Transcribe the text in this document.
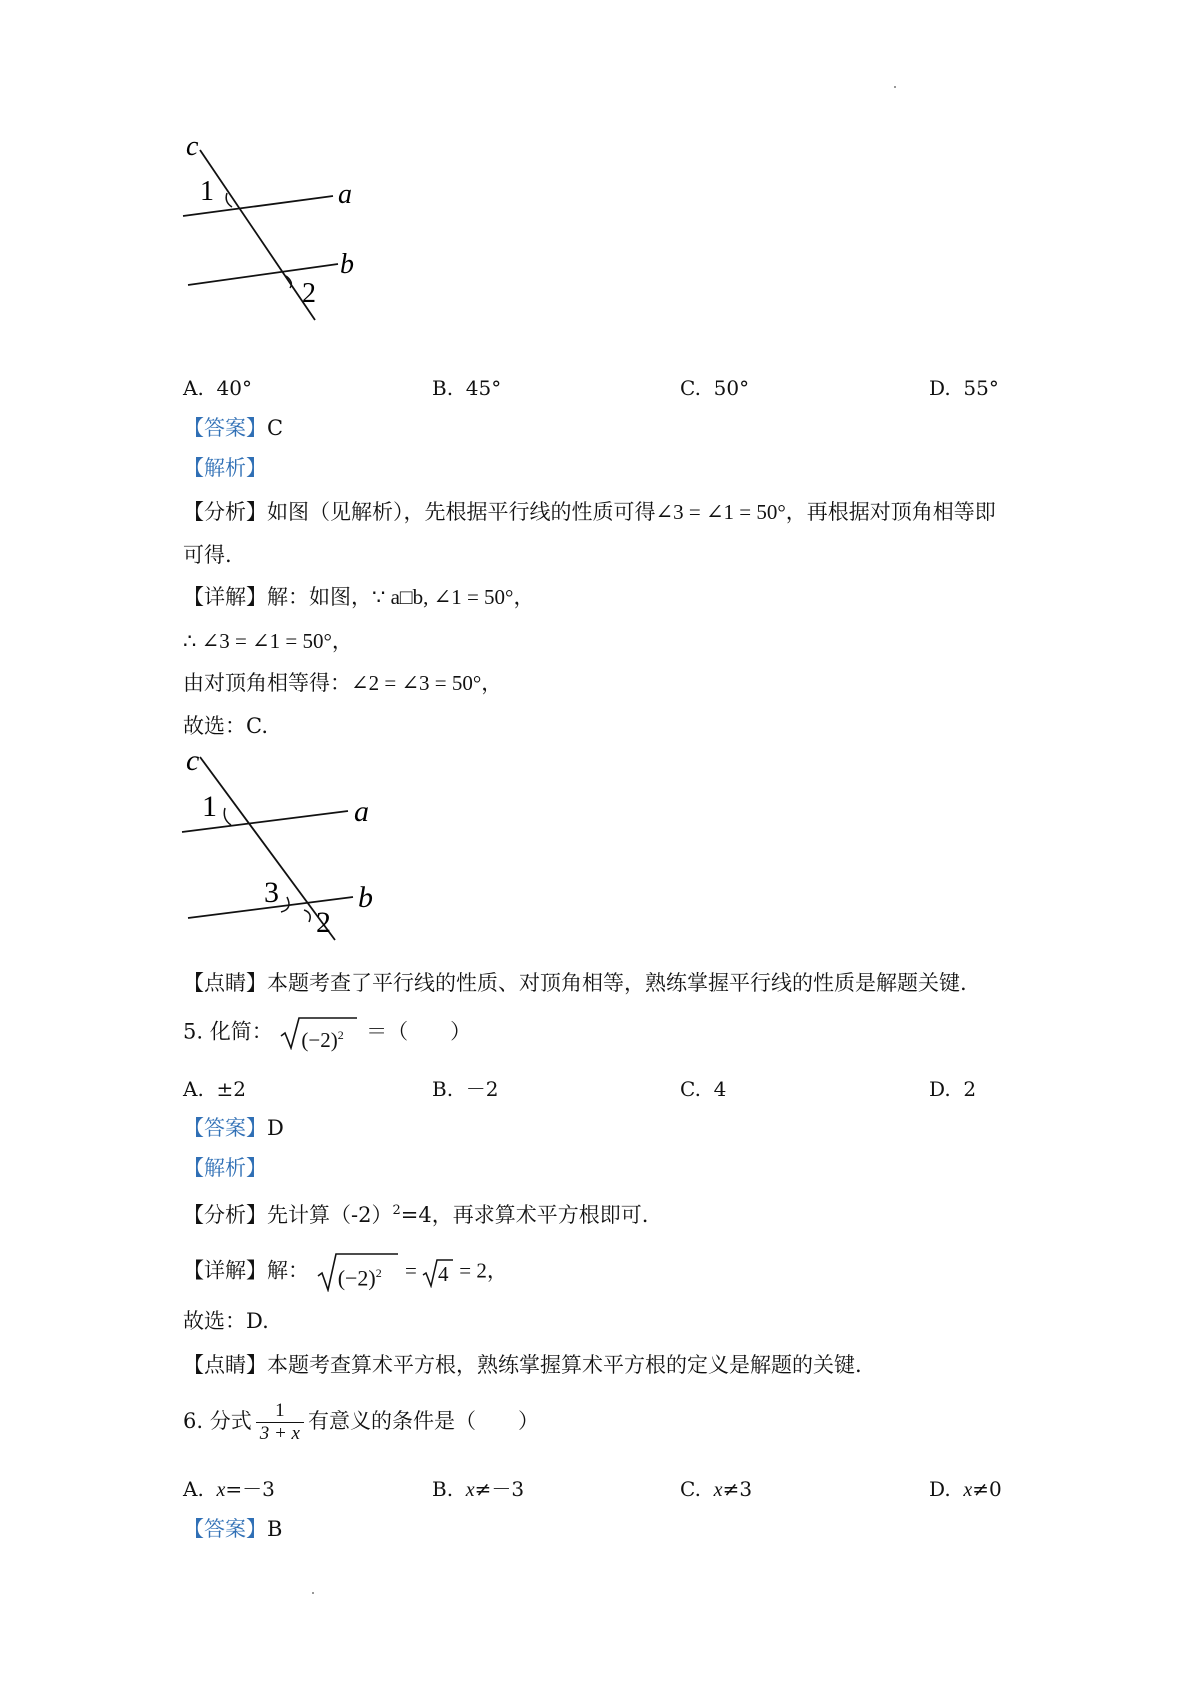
c
a
b
1
2
A. 40°	B. 45°	C. 50°	D. 55°
【答案】C
【解析】
【分析】如图（见解析），先根据平行线的性质可得∠3 = ∠1 = 50°，再根据对顶角相等即
可得.
【详解】解：如图，∵ a□b, ∠1 = 50°，
∴ ∠3 = ∠1 = 50°，
由对顶角相等得：∠2 = ∠3 = 50°，
故选：C.
c
a
b
1
3
2
【点睛】本题考查了平行线的性质、对顶角相等，熟练掌握平行线的性质是解题关键.
5. 化简： $(-2)^2$ ＝（　　）
A. ±2	B. －2	C. 4	D. 2
【答案】D
【解析】
【分析】先计算$(-2)^2=4$，再求算术平方根即可.
【详解】解： $(-2)^2 = 4 = 2$，
故选：D.
【点睛】本题考查算术平方根，熟练掌握算术平方根的定义是解题的关键.
6. 分式 $\frac{1}{3 + x}$ 有意义的条件是（　　）
A. x=－3	B. x≠－3	C. x≠3	D. x≠0
【答案】B
